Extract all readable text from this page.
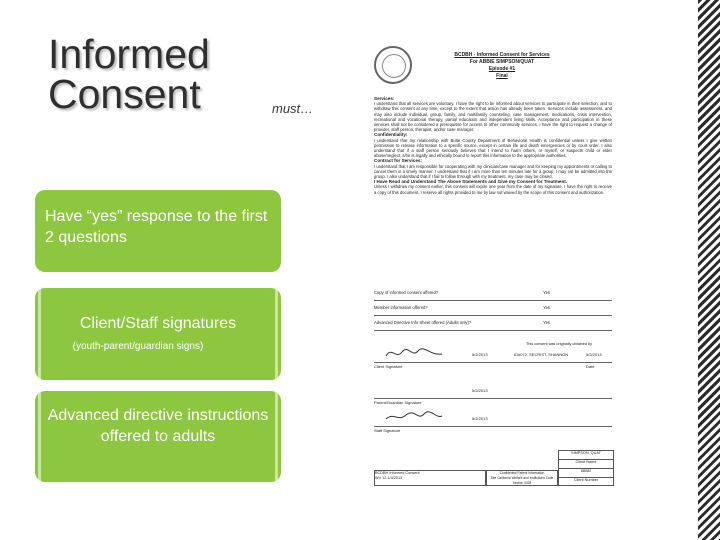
Informed
Consent	must…
Have “yes” response to the first 2 questions
Client/Staff signatures
(youth-parent/guardian signs)
Advanced directive instructions offered to adults
BCDBH - Informed Consent for Services
For ABBIE SIMPSON/QUAT
Episode #1
Final
Services:
I understand that all services are voluntary. I have the right to be informed about services to participate in their selection, and to withdraw this consent at any time, except to the extent that action has already been taken. Services include assessment, and may also include individual, group, family, and multifamily counseling, case management, medications, crisis intervention, recreational and vocational therapy, partial education and independent living skills. Acceptance and participation in these services shall not be considered a prerequisite for access to other community services. I have the right to request a change of provider, staff person, therapist, and/or case manager.
Confidentiality:
I understand that my relationship with Butte County Department of Behavioral Health is confidential unless I give written permission to release information to a specific source, except in certain life and death emergencies or by court order. I also understand that if a staff person seriously believes that I intend to harm others, or myself, or suspects child or elder abuse/neglect, s/he is legally and ethically bound to report this information to the appropriate authorities.
Contract for Services:
I understand that I am responsible for cooperating with my clinician/case manager and for keeping my appointments or calling to cancel them in a timely manner. I understand that if I am more than ten minutes late for a group, I may not be admitted into the group. I also understand that if I fail to follow through with my treatment, my case may be closed.
I Have Read and Understand The Above Statements and Give my Consent for Treatment.
Unless I withdraw my consent earlier, this consent will expire one year from the date of my signature. I have the right to receive a copy of this document. I reserve all rights provided to me by law not waived by the scope of this consent and authorization.
Copy of informed consent offered?	Yes
Member information offered?	Yes
Advanced Directive Info Sheet offered (Adults only)?	Yes
This consent was originally obtained by
5/2/2013	ID#072, SECRIST, SHANNON	5/2/2013
Client Signature	Date
5/2/2013
Parent/Guardian Signature
5/2/2013
Staff Signature
BCDBH Informed Consent
WV 12.1/4/2013
Confidential Patient Information
See California Welfare and Institutions Code Section 5328
SIMPSON, QUAT
Client Name
88082
Client Number
